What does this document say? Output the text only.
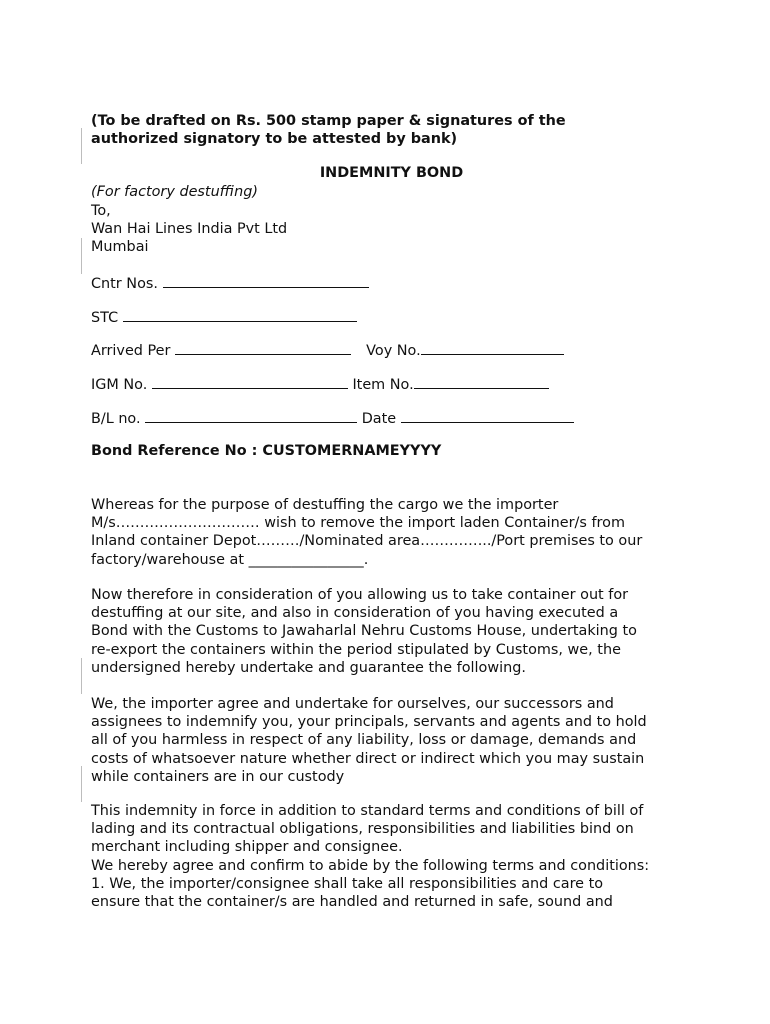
(To be drafted on Rs. 500 stamp paper & signatures of the
authorized signatory to be attested by bank)
INDEMNITY BOND
(For factory destuffing)
To,
Wan Hai Lines India Pvt Ltd
Mumbai
Cntr Nos.
STC
Arrived Per	Voy No.
IGM No.	Item No.
B/L no.	Date
Bond Reference No : CUSTOMERNAMEYYYY

Whereas for the purpose of destuffing the cargo we the importer

M/s………………………… wish to remove the import laden Container/s from

Inland container Depot………/Nominated area………….../Port premises to our

factory/warehouse at ________________.

Now therefore in consideration of you allowing us to take container out for

destuffing at our site, and also in consideration of you having executed a

Bond with the Customs to Jawaharlal Nehru Customs House, undertaking to

re-export the containers within the period stipulated by Customs, we, the

undersigned hereby undertake and guarantee the following.

We, the importer agree and undertake for ourselves, our successors and

assignees to indemnify you, your principals, servants and agents and to hold

all of you harmless in respect of any liability, loss or damage, demands and

costs of whatsoever nature whether direct or indirect which you may sustain

while containers are in our custody

This indemnity in force in addition to standard terms and conditions of bill of

lading and its contractual obligations, responsibilities and liabilities bind on

merchant including shipper and consignee.

We hereby agree and confirm to abide by the following terms and conditions:

1. We, the importer/consignee shall take all responsibilities and care to

ensure that the container/s are handled and returned in safe, sound and
